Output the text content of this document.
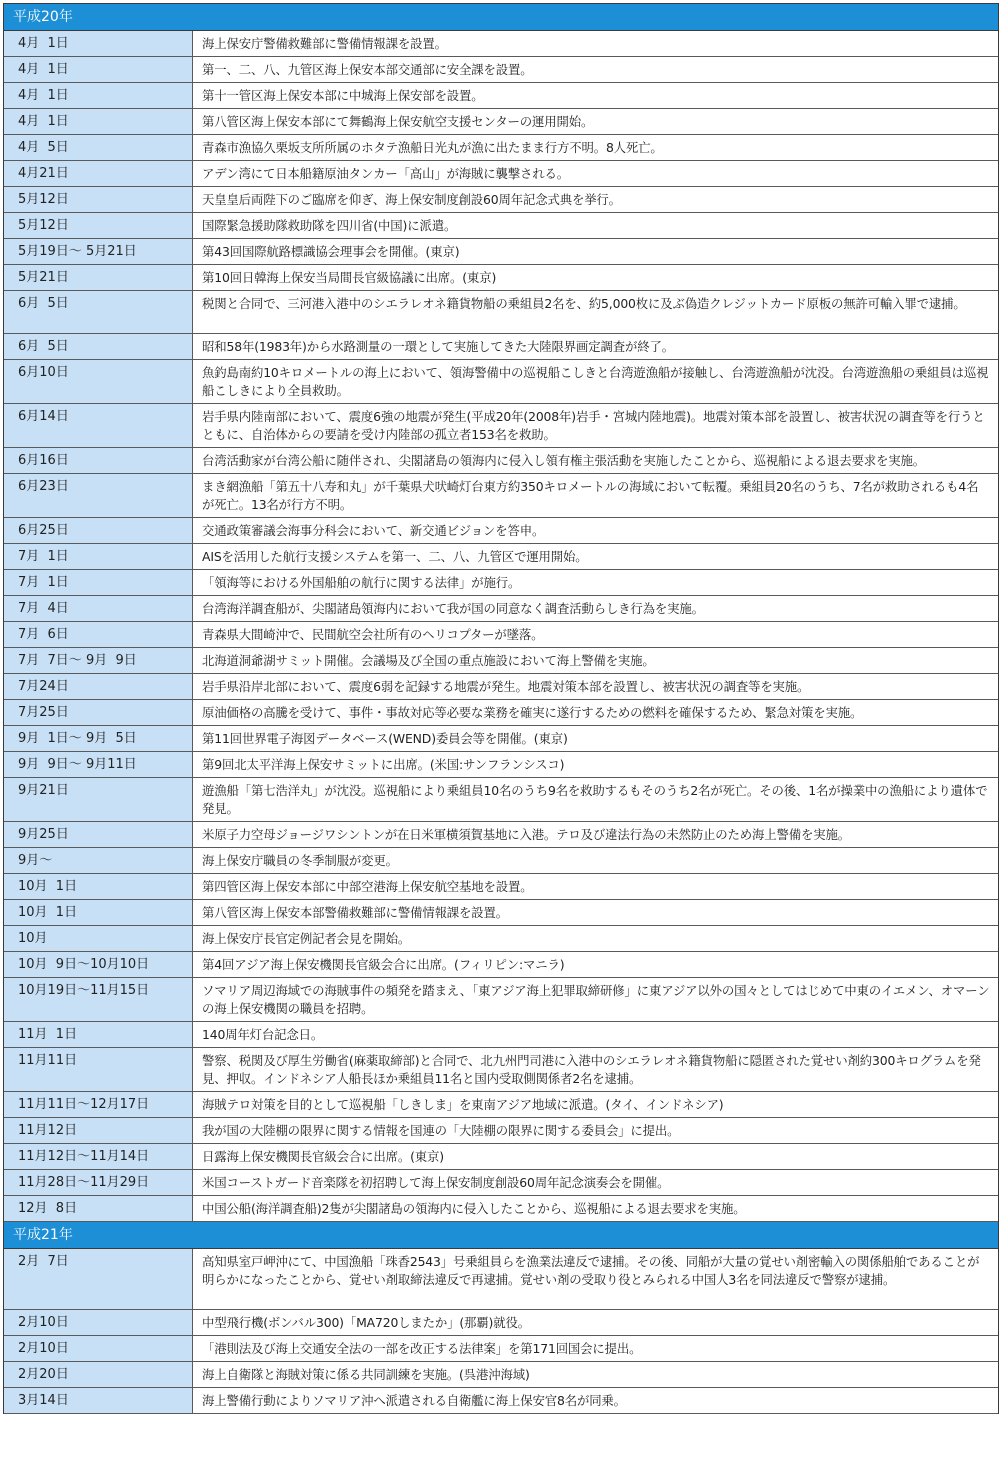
平成20年
4月  1日	海上保安庁警備救難部に警備情報課を設置。
4月  1日	第一、二、八、九管区海上保安本部交通部に安全課を設置。
4月  1日	第十一管区海上保安本部に中城海上保安部を設置。
4月  1日	第八管区海上保安本部にて舞鶴海上保安航空支援センターの運用開始。
4月  5日	青森市漁協久栗坂支所所属のホタテ漁船日光丸が漁に出たまま行方不明。8人死亡。
4月21日	アデン湾にて日本船籍原油タンカー「高山」が海賊に襲撃される。
5月12日	天皇皇后両陛下のご臨席を仰ぎ、海上保安制度創設60周年記念式典を挙行。
5月12日	国際緊急援助隊救助隊を四川省(中国)に派遣。
5月19日～ 5月21日	第43回国際航路標識協会理事会を開催。(東京)
5月21日	第10回日韓海上保安当局間長官級協議に出席。(東京)
6月  5日	税関と合同で、三河港入港中のシエラレオネ籍貨物船の乗組員2名を、約5,000枚に及ぶ偽造クレジットカード原板の無許可輸入罪で逮捕。
6月  5日	昭和58年(1983年)から水路測量の一環として実施してきた大陸限界画定調査が終了。
6月10日	魚釣島南約10キロメートルの海上において、領海警備中の巡視船こしきと台湾遊漁船が接触し、台湾遊漁船が沈没。台湾遊漁船の乗組員は巡視船こしきにより全員救助。
6月14日	岩手県内陸南部において、震度6強の地震が発生(平成20年(2008年)岩手・宮城内陸地震)。地震対策本部を設置し、被害状況の調査等を行うとともに、自治体からの要請を受け内陸部の孤立者153名を救助。
6月16日	台湾活動家が台湾公船に随伴され、尖閣諸島の領海内に侵入し領有権主張活動を実施したことから、巡視船による退去要求を実施。
6月23日	まき網漁船「第五十八寿和丸」が千葉県犬吠崎灯台東方約350キロメートルの海域において転覆。乗組員20名のうち、7名が救助されるも4名が死亡。13名が行方不明。
6月25日	交通政策審議会海事分科会において、新交通ビジョンを答申。
7月  1日	AISを活用した航行支援システムを第一、二、八、九管区で運用開始。
7月  1日	「領海等における外国船舶の航行に関する法律」が施行。
7月  4日	台湾海洋調査船が、尖閣諸島領海内において我が国の同意なく調査活動らしき行為を実施。
7月  6日	青森県大間崎沖で、民間航空会社所有のヘリコプターが墜落。
7月  7日～ 9月  9日	北海道洞爺湖サミット開催。会議場及び全国の重点施設において海上警備を実施。
7月24日	岩手県沿岸北部において、震度6弱を記録する地震が発生。地震対策本部を設置し、被害状況の調査等を実施。
7月25日	原油価格の高騰を受けて、事件・事故対応等必要な業務を確実に遂行するための燃料を確保するため、緊急対策を実施。
9月  1日～ 9月  5日	第11回世界電子海図データベース(WEND)委員会等を開催。(東京)
9月  9日～ 9月11日	第9回北太平洋海上保安サミットに出席。(米国:サンフランシスコ)
9月21日	遊漁船「第七浩洋丸」が沈没。巡視船により乗組員10名のうち9名を救助するもそのうち2名が死亡。その後、1名が操業中の漁船により遺体で発見。
9月25日	米原子力空母ジョージワシントンが在日米軍横須賀基地に入港。テロ及び違法行為の未然防止のため海上警備を実施。
9月～	海上保安庁職員の冬季制服が変更。
10月  1日	第四管区海上保安本部に中部空港海上保安航空基地を設置。
10月  1日	第八管区海上保安本部警備救難部に警備情報課を設置。
10月	海上保安庁長官定例記者会見を開始。
10月  9日～10月10日	第4回アジア海上保安機関長官級会合に出席。(フィリピン:マニラ)
10月19日～11月15日	ソマリア周辺海域での海賊事件の頻発を踏まえ、「東アジア海上犯罪取締研修」に東アジア以外の国々としてはじめて中東のイエメン、オマーンの海上保安機関の職員を招聘。
11月  1日	140周年灯台記念日。
11月11日	警察、税関及び厚生労働省(麻薬取締部)と合同で、北九州門司港に入港中のシエラレオネ籍貨物船に隠匿された覚せい剤約300キログラムを発見、押収。インドネシア人船長ほか乗組員11名と国内受取側関係者2名を逮捕。
11月11日～12月17日	海賊テロ対策を目的として巡視船「しきしま」を東南アジア地域に派遣。(タイ、インドネシア)
11月12日	我が国の大陸棚の限界に関する情報を国連の「大陸棚の限界に関する委員会」に提出。
11月12日～11月14日	日露海上保安機関長官級会合に出席。(東京)
11月28日～11月29日	米国コーストガード音楽隊を初招聘して海上保安制度創設60周年記念演奏会を開催。
12月  8日	中国公船(海洋調査船)2隻が尖閣諸島の領海内に侵入したことから、巡視船による退去要求を実施。
平成21年
2月  7日	高知県室戸岬沖にて、中国漁船「珠香2543」号乗組員らを漁業法違反で逮捕。その後、同船が大量の覚せい剤密輸入の関係船舶であることが明らかになったことから、覚せい剤取締法違反で再逮捕。覚せい剤の受取り役とみられる中国人3名を同法違反で警察が逮捕。
2月10日	中型飛行機(ボンバル300)「MA720しまたか」(那覇)就役。
2月10日	「港則法及び海上交通安全法の一部を改正する法律案」を第171回国会に提出。
2月20日	海上自衛隊と海賊対策に係る共同訓練を実施。(呉港沖海域)
3月14日	海上警備行動によりソマリア沖へ派遣される自衛艦に海上保安官8名が同乗。
